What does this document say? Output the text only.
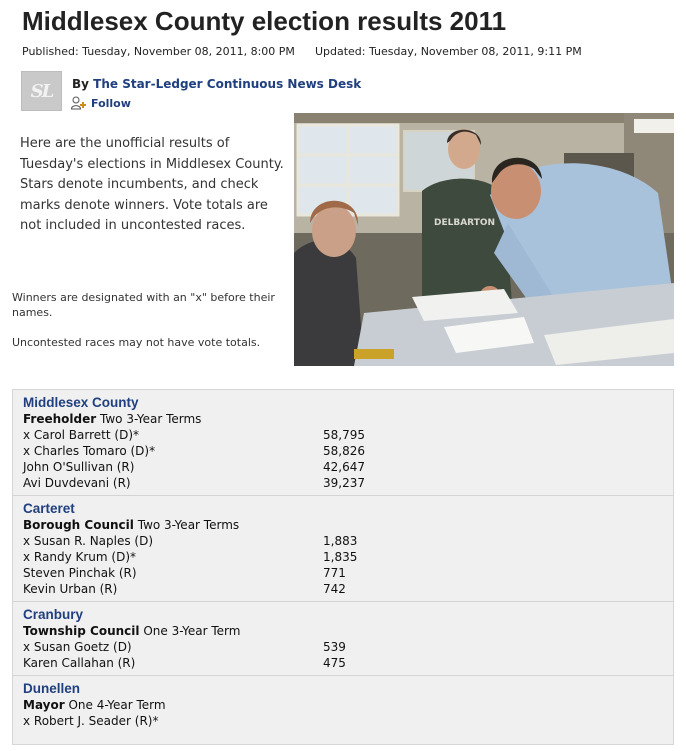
Middlesex County election results 2011
Published: Tuesday, November 08, 2011, 8:00 PM Updated: Tuesday, November 08, 2011, 9:11 PM
SL	By The Star-Ledger Continuous News Desk
Follow

Here are the unofficial results of Tuesday's elections in Middlesex County. Stars denote incumbents, and check marks denote winners. Vote totals are not included in uncontested races.

Winners are designated with an "x" before their names.

Uncontested races may not have vote totals.

DELBARTON
Middlesex County
Freeholder Two 3-Year Terms
x Carol Barrett (D)*	58,795
x Charles Tomaro (D)*	58,826
John O'Sullivan (R)	42,647
Avi Duvdevani (R)	39,237
Carteret
Borough Council Two 3-Year Terms
x Susan R. Naples (D)	1,883
x Randy Krum (D)*	1,835
Steven Pinchak (R)	771
Kevin Urban (R)	742
Cranbury
Township Council One 3-Year Term
x Susan Goetz (D)	539
Karen Callahan (R)	475
Dunellen
Mayor One 4-Year Term
x Robert J. Seader (R)*
